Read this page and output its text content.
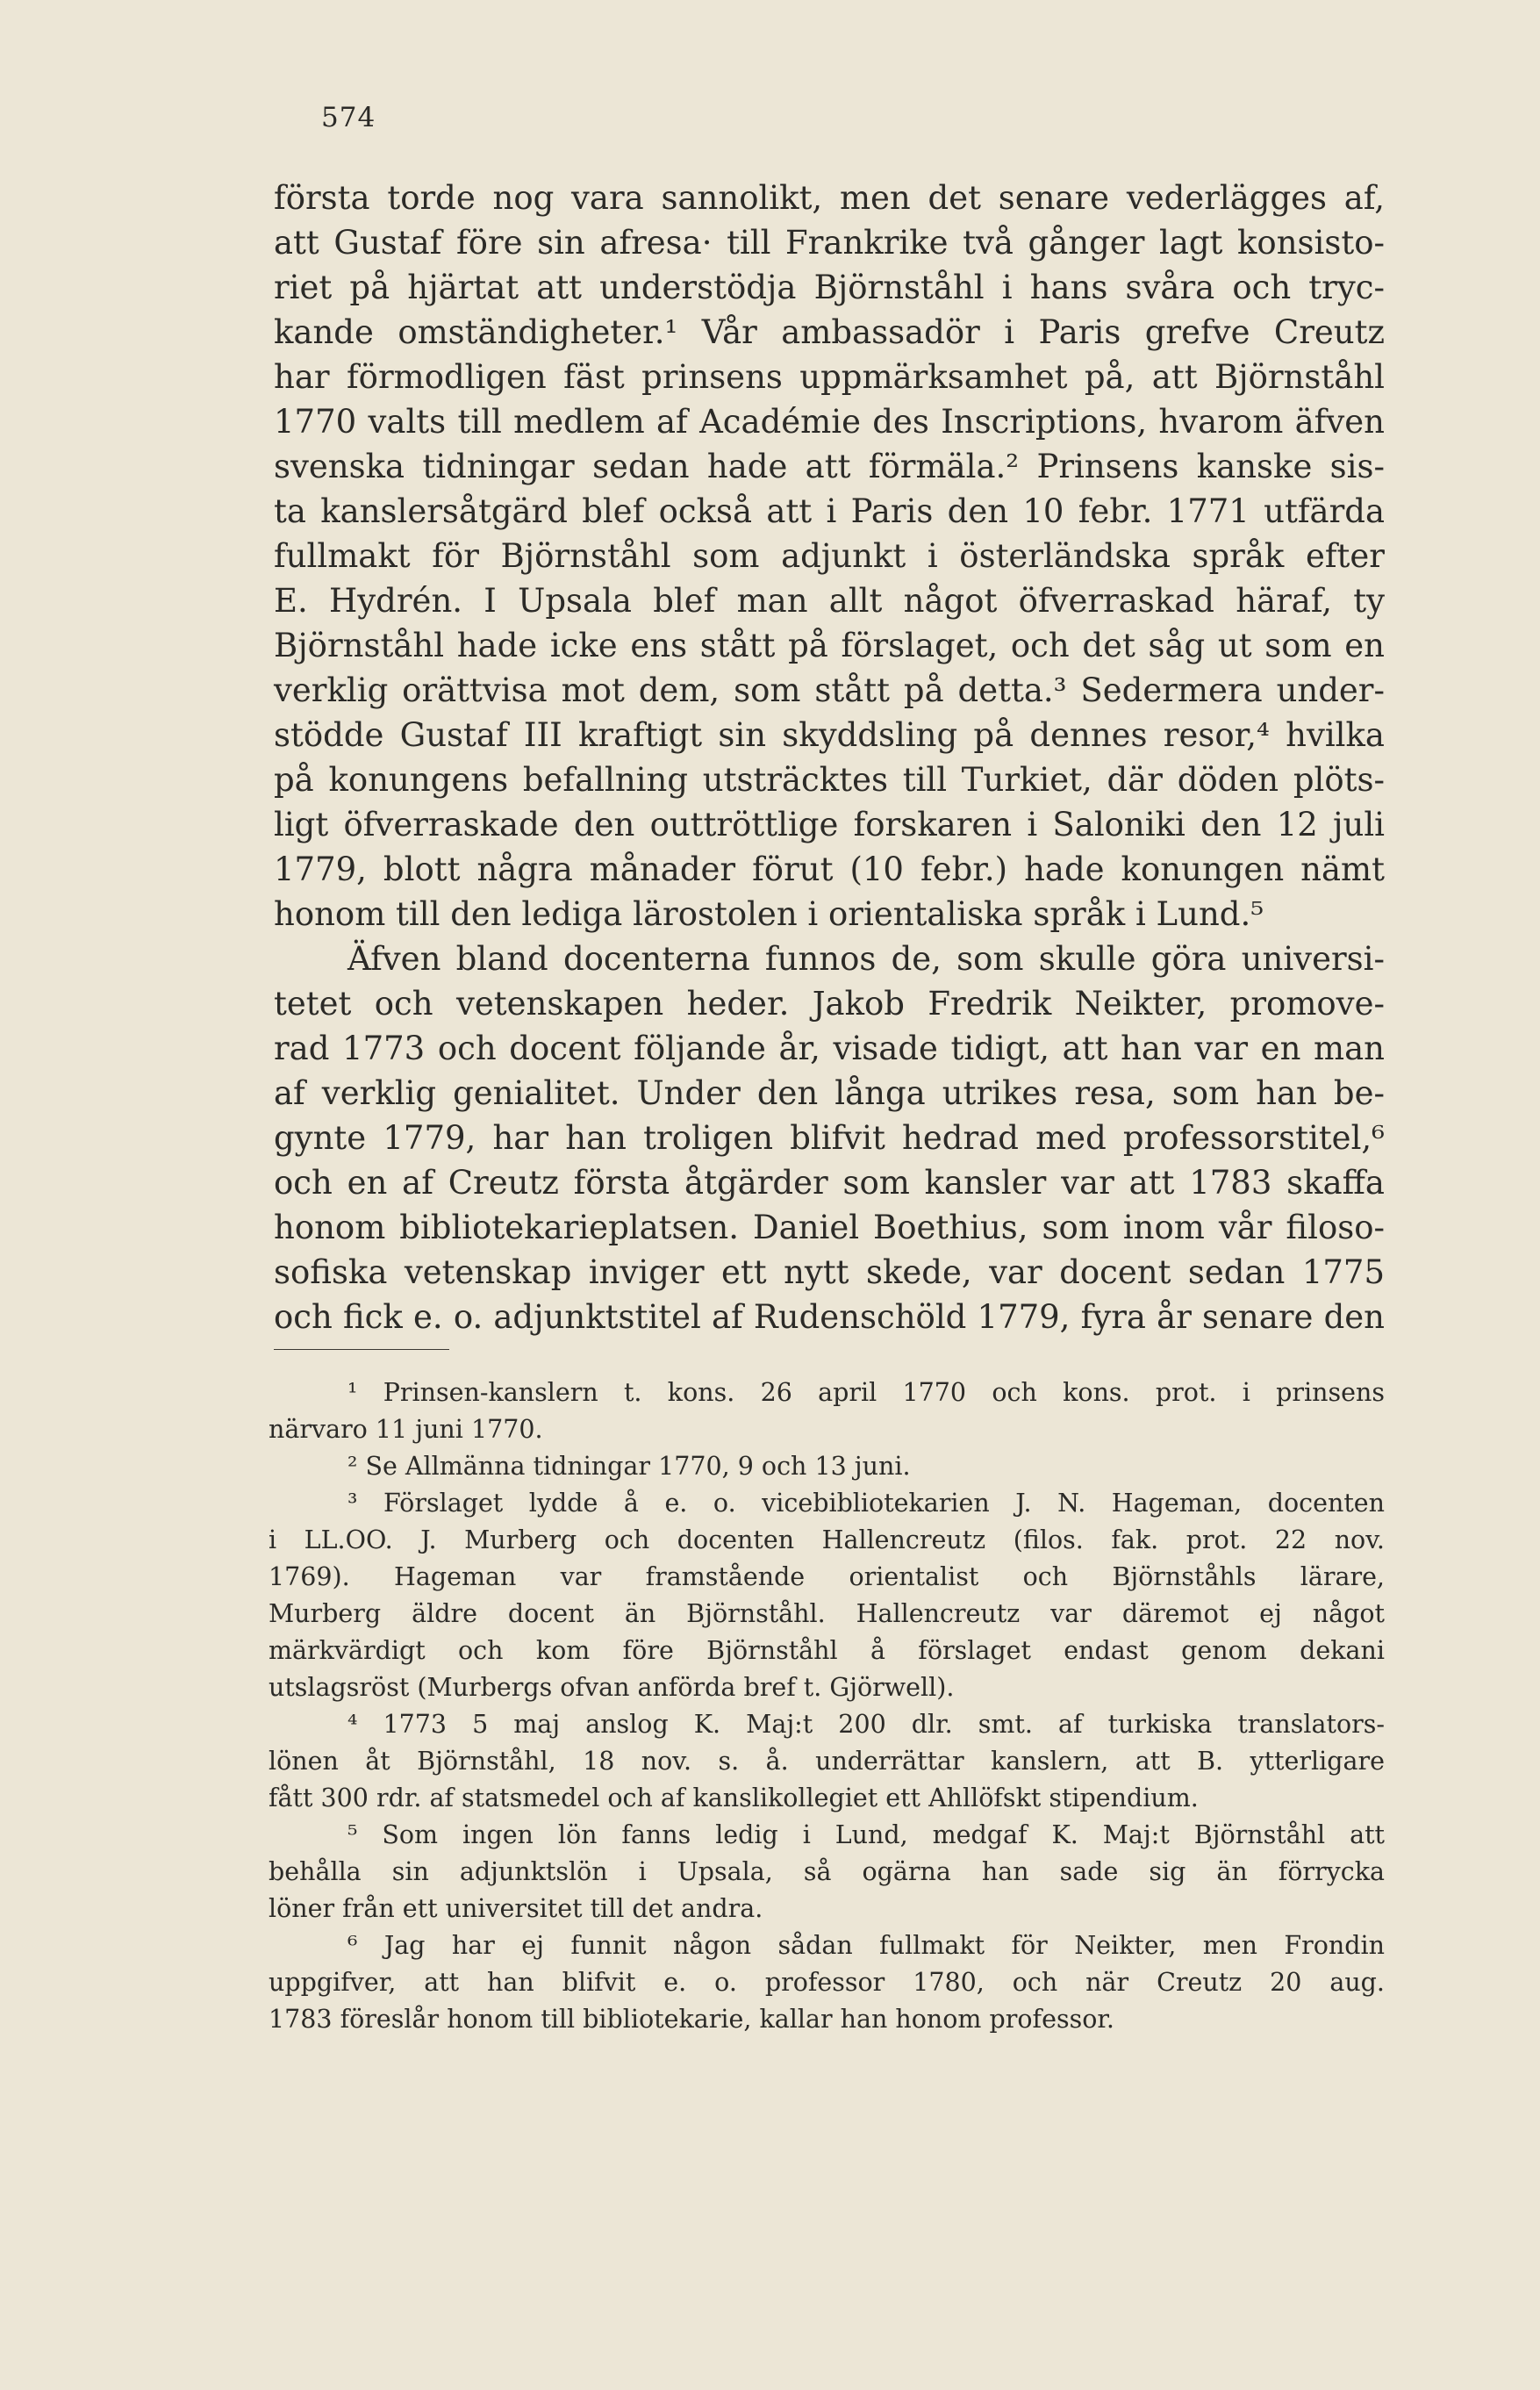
574
första torde nog vara sannolikt, men det senare vederlägges af,
att Gustaf före sin afresa· till Frankrike två gånger lagt konsisto-
riet på hjärtat att understödja Björnståhl i hans svåra och tryc-
kande omständigheter.¹ Vår ambassadör i Paris grefve Creutz
har förmodligen fäst prinsens uppmärksamhet på, att Björnståhl
1770 valts till medlem af Académie des Inscriptions, hvarom äfven
svenska tidningar sedan hade att förmäla.² Prinsens kanske sis-
ta kanslersåtgärd blef också att i Paris den 10 febr. 1771 utfärda
fullmakt för Björnståhl som adjunkt i österländska språk efter
E. Hydrén. I Upsala blef man allt något öfverraskad häraf, ty
Björnståhl hade icke ens stått på förslaget, och det såg ut som en
verklig orättvisa mot dem, som stått på detta.³ Sedermera under-
stödde Gustaf III kraftigt sin skyddsling på dennes resor,⁴ hvilka
på konungens befallning utsträcktes till Turkiet, där döden plöts-
ligt öfverraskade den outtröttlige forskaren i Saloniki den 12 juli
1779, blott några månader förut (10 febr.) hade konungen nämt
honom till den lediga lärostolen i orientaliska språk i Lund.⁵
Äfven bland docenterna funnos de, som skulle göra universi-
tetet och vetenskapen heder. Jakob Fredrik Neikter, promove-
rad 1773 och docent följande år, visade tidigt, att han var en man
af verklig genialitet. Under den långa utrikes resa, som han be-
gynte 1779, har han troligen blifvit hedrad med professorstitel,⁶
och en af Creutz första åtgärder som kansler var att 1783 skaffa
honom bibliotekarieplatsen. Daniel Boethius, som inom vår filoso-
sofiska vetenskap inviger ett nytt skede, var docent sedan 1775
och fick e. o. adjunktstitel af Rudenschöld 1779, fyra år senare den
¹ Prinsen-kanslern t. kons. 26 april 1770 och kons. prot. i prinsens
närvaro 11 juni 1770.
² Se Allmänna tidningar 1770, 9 och 13 juni.
³ Förslaget lydde å e. o. vicebibliotekarien J. N. Hageman, docenten
i LL.OO. J. Murberg och docenten Hallencreutz (filos. fak. prot. 22 nov.
1769). Hageman var framstående orientalist och Björnståhls lärare,
Murberg äldre docent än Björnståhl. Hallencreutz var däremot ej något
märkvärdigt och kom före Björnståhl å förslaget endast genom dekani
utslagsröst (Murbergs ofvan anförda bref t. Gjörwell).
⁴ 1773 5 maj anslog K. Maj:t 200 dlr. smt. af turkiska translators-
lönen åt Björnståhl, 18 nov. s. å. underrättar kanslern, att B. ytterligare
fått 300 rdr. af statsmedel och af kanslikollegiet ett Ahllöfskt stipendium.
⁵ Som ingen lön fanns ledig i Lund, medgaf K. Maj:t Björnståhl att
behålla sin adjunktslön i Upsala, så ogärna han sade sig än förrycka
löner från ett universitet till det andra.
⁶ Jag har ej funnit någon sådan fullmakt för Neikter, men Frondin
uppgifver, att han blifvit e. o. professor 1780, och när Creutz 20 aug.
1783 föreslår honom till bibliotekarie, kallar han honom professor.
